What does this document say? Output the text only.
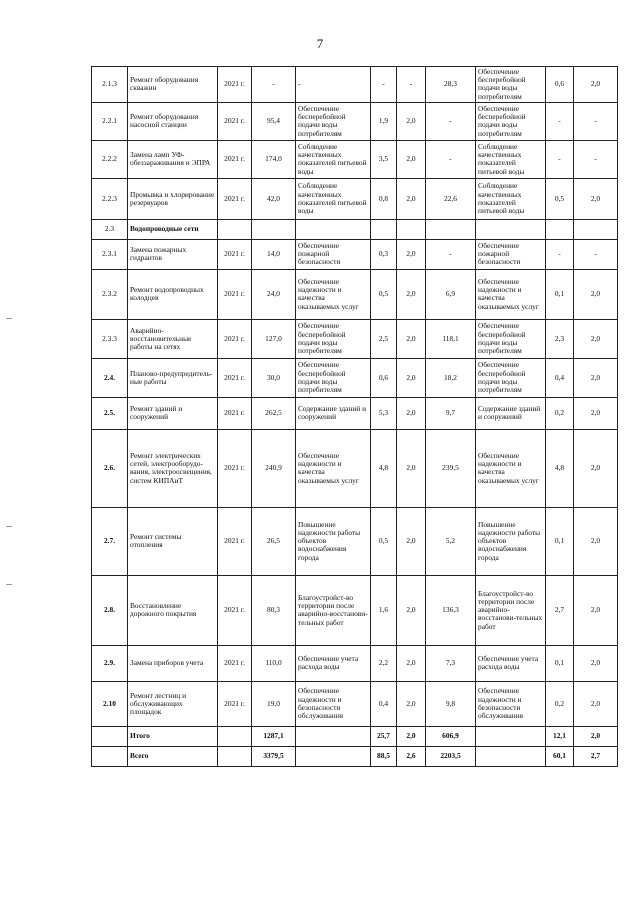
7
2.1.3	Ремонт оборудования скважин	2021 г.	-	-	-	-	28,3	Обеспечение бесперебойной подачи воды потребителям	0,6	2,0
2.2.1	Ремонт оборудования насосной станции	2021 г.	95,4	Обеспечение бесперебойной подачи воды потребителям	1,9	2,0	-	Обеспечение бесперебойной подачи воды потребителям	-	-
2.2.2	Замена ламп УФ-обеззараживания и ЭПРА	2021 г.	174,0	Соблюдение качественных показателей питьевой воды	3,5	2,0	-	Соблюдение качественных показателей питьевой воды	-	-
2.2.3	Промывка и хлорирование резервуаров	2021 г.	42,0	Соблюдение качественных показателей питьевой воды	0,8	2,0	22,6	Соблюдение качественных показателей питьевой воды	0,5	2,0
2.3	Водопроводные сети									
2.3.1	Замена пожарных гидрантов	2021 г.	14,0	Обеспечение пожарной безопасности	0,3	2,0	-	Обеспечение пожарной безопасности	-	-
2.3.2	Ремонт водопроводных колодцев	2021 г.	24,0	Обеспечение надежности и качества оказываемых услуг	0,5	2,0	6,9	Обеспечение надежности и качества оказываемых услуг	0,1	2,0
2.3.3	Аварийно-восстановительные работы на сетях	2021 г.	127,0	Обеспечение бесперебойной подачи воды потребителям	2,5	2,0	118,1	Обеспечение бесперебойной подачи воды потребителям	2,3	2,0
2.4.	Планово-предупредитель-ные работы	2021 г.	30,0	Обеспечение бесперебойной подачи воды потребителям	0,6	2,0	18,2	Обеспечение бесперебойной подачи воды потребителям	0,4	2,0
2.5.	Ремонт зданий и сооружений	2021 г.	262,5	Содержание зданий и сооружений	5,3	2,0	9,7	Содержание зданий и сооружений	0,2	2,0
2.6.	Ремонт электрических сетей, электрооборудо-вания, электроосвещения, систем КИПАиТ	2021 г.	240,9	Обеспечение надежности и качества оказываемых услуг	4,8	2,0	239,5	Обеспечение надежности и качества оказываемых услуг	4,8	2,0
2.7.	Ремонт системы отопления	2021 г.	26,5	Повышение надежности работы объектов водоснабжения города	0,5	2,0	5,2	Повышение надежности работы объектов водоснабжения города	0,1	2,0
2.8.	Восстановление дорожного покрытия	2021 г.	80,3	Благоустройст-во территории после аварийно-восстанови-тельных работ	1,6	2,0	136,3	Благоустройст-во территории после аварийно-восстанови-тельных работ	2,7	2,0
2.9.	Замена приборов учета	2021 г.	110,0	Обеспечение учета расхода воды	2,2	2,0	7,3	Обеспечение учета расхода воды	0,1	2,0
2.10	Ремонт лестниц и обслуживающих площадок	2021 г.	19,0	Обеспечение надежности и безопасности обслуживания	0,4	2,0	9,8	Обеспечение надежности и безопасности обслуживания	0,2	2,0
	Итого		1287,1		25,7	2,0	606,9		12,1	2,0
	Всего		3379,5		88,5	2,6	2203,5		60,1	2,7
